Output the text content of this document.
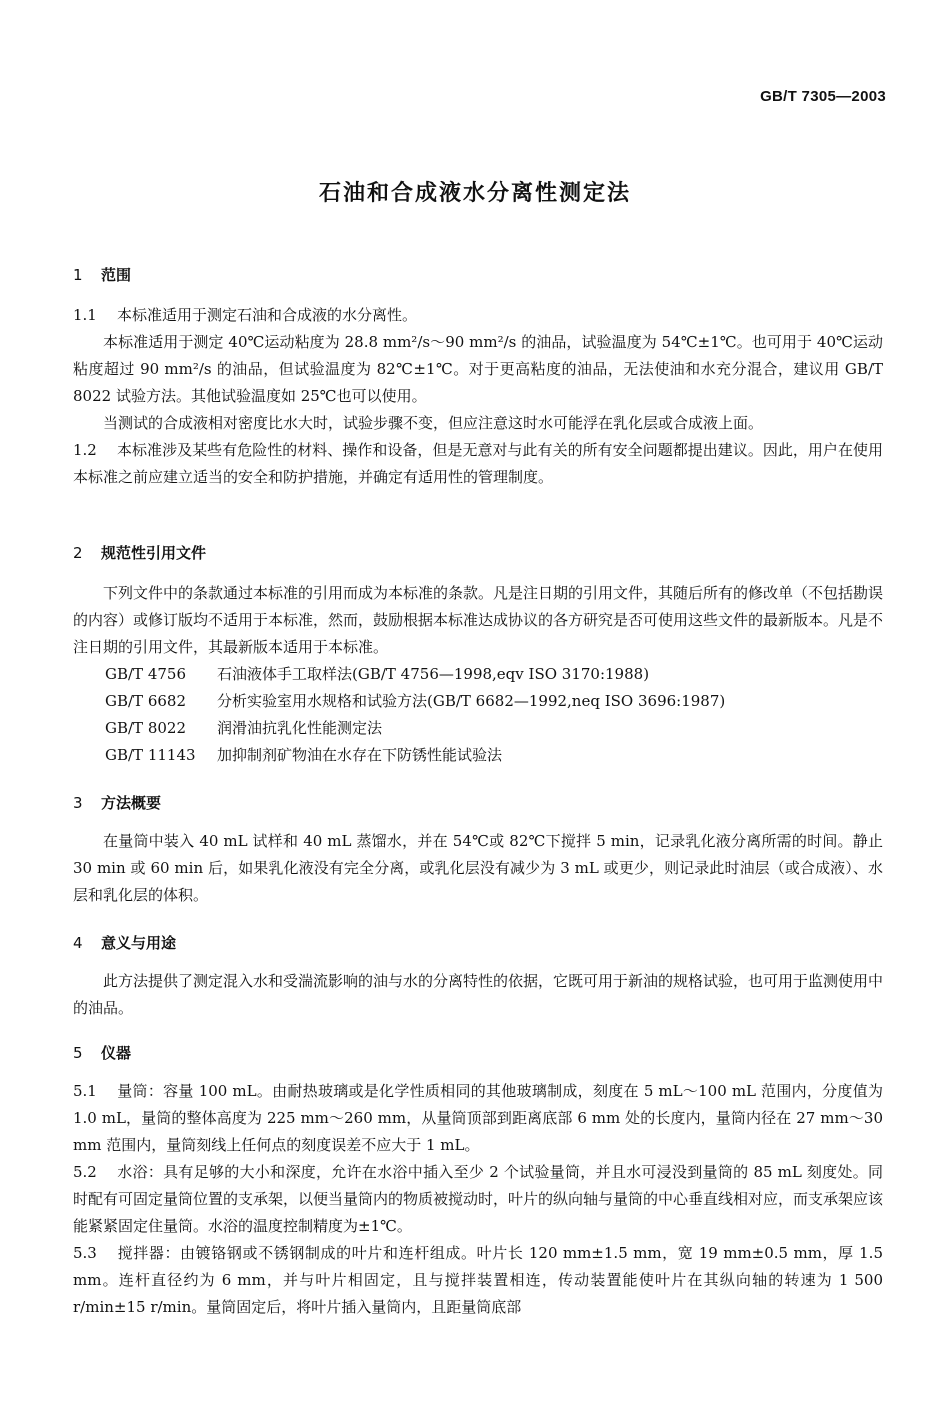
GB/T 7305—2003
石油和合成液水分离性测定法
1 范围

1.1 本标准适用于测定石油和合成液的水分离性。

本标准适用于测定 40℃运动粘度为 28.8 mm²/s～90 mm²/s 的油品，试验温度为 54℃±1℃。也可用于 40℃运动粘度超过 90 mm²/s 的油品，但试验温度为 82℃±1℃。对于更高粘度的油品，无法使油和水充分混合，建议用 GB/T 8022 试验方法。其他试验温度如 25℃也可以使用。

当测试的合成液相对密度比水大时，试验步骤不变，但应注意这时水可能浮在乳化层或合成液上面。

1.2 本标准涉及某些有危险性的材料、操作和设备，但是无意对与此有关的所有安全问题都提出建议。因此，用户在使用本标准之前应建立适当的安全和防护措施，并确定有适用性的管理制度。

2 规范性引用文件

下列文件中的条款通过本标准的引用而成为本标准的条款。凡是注日期的引用文件，其随后所有的修改单（不包括勘误的内容）或修订版均不适用于本标准，然而，鼓励根据本标准达成协议的各方研究是否可使用这些文件的最新版本。凡是不注日期的引用文件，其最新版本适用于本标准。

GB/T 4756 石油液体手工取样法(GB/T 4756—1998,eqv ISO 3170:1988)
GB/T 6682 分析实验室用水规格和试验方法(GB/T 6682—1992,neq ISO 3696:1987)
GB/T 8022 润滑油抗乳化性能测定法
GB/T 11143 加抑制剂矿物油在水存在下防锈性能试验法
3 方法概要

在量筒中装入 40 mL 试样和 40 mL 蒸馏水，并在 54℃或 82℃下搅拌 5 min，记录乳化液分离所需的时间。静止 30 min 或 60 min 后，如果乳化液没有完全分离，或乳化层没有减少为 3 mL 或更少，则记录此时油层（或合成液）、水层和乳化层的体积。

4 意义与用途

此方法提供了测定混入水和受湍流影响的油与水的分离特性的依据，它既可用于新油的规格试验，也可用于监测使用中的油品。

5 仪器

5.1 量筒：容量 100 mL。由耐热玻璃或是化学性质相同的其他玻璃制成，刻度在 5 mL～100 mL 范围内，分度值为 1.0 mL，量筒的整体高度为 225 mm～260 mm，从量筒顶部到距离底部 6 mm 处的长度内，量筒内径在 27 mm～30 mm 范围内，量筒刻线上任何点的刻度误差不应大于 1 mL。

5.2 水浴：具有足够的大小和深度，允许在水浴中插入至少 2 个试验量筒，并且水可浸没到量筒的 85 mL 刻度处。同时配有可固定量筒位置的支承架，以便当量筒内的物质被搅动时，叶片的纵向轴与量筒的中心垂直线相对应，而支承架应该能紧紧固定住量筒。水浴的温度控制精度为±1℃。

5.3 搅拌器：由镀铬钢或不锈钢制成的叶片和连杆组成。叶片长 120 mm±1.5 mm，宽 19 mm±0.5 mm，厚 1.5 mm。连杆直径约为 6 mm，并与叶片相固定，且与搅拌装置相连，传动装置能使叶片在其纵向轴的转速为 1 500 r/min±15 r/min。量筒固定后，将叶片插入量筒内，且距量筒底部
